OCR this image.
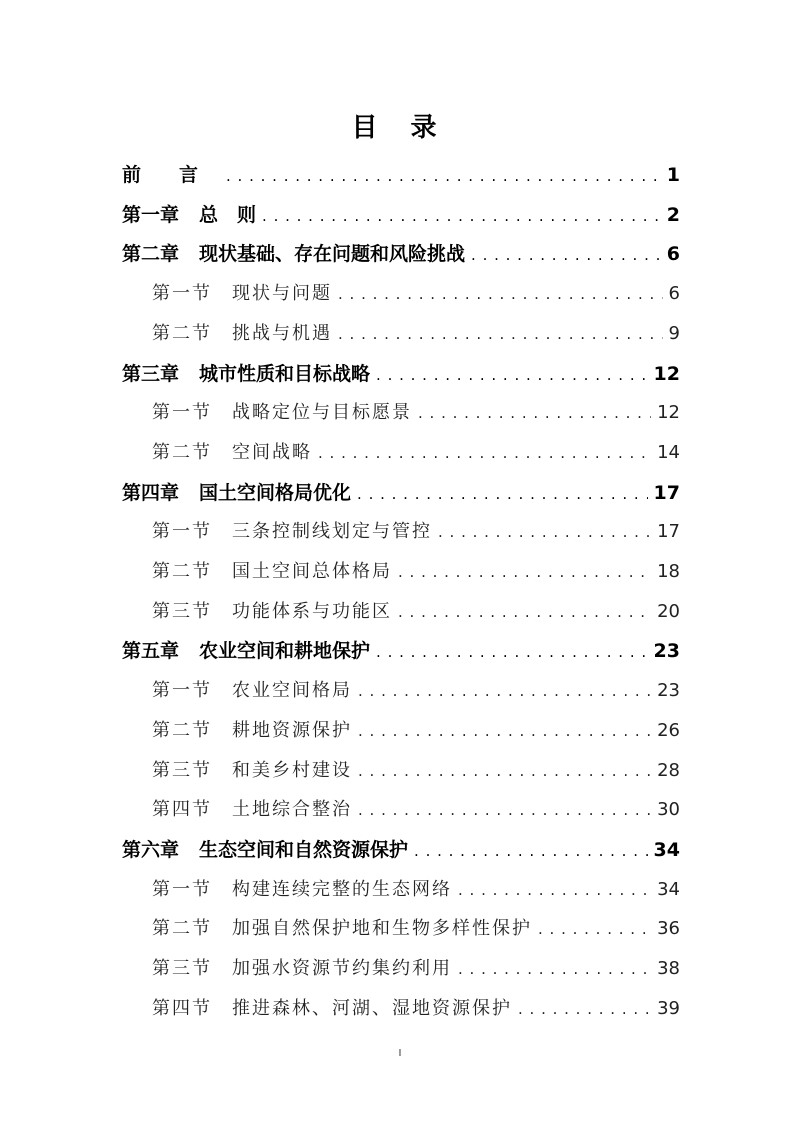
目 录
前　　言 . . .	1
第一章 总　则 . . .	2
第二章 现状基础、存在问题和风险挑战 . . .	6
第一节 现状与问题 . . .	6
第二节 挑战与机遇 . . .	9
第三章 城市性质和目标战略 . . .	12
第一节 战略定位与目标愿景 . . .	12
第二节 空间战略 . . .	14
第四章 国土空间格局优化 . . .	17
第一节 三条控制线划定与管控 . . .	17
第二节 国土空间总体格局 . . .	18
第三节 功能体系与功能区 . . .	20
第五章 农业空间和耕地保护 . . .	23
第一节 农业空间格局 . . .	23
第二节 耕地资源保护 . . .	26
第三节 和美乡村建设 . . .	28
第四节 土地综合整治 . . .	30
第六章 生态空间和自然资源保护 . . .	34
第一节 构建连续完整的生态网络 . . .	34
第二节 加强自然保护地和生物多样性保护 . . .	36
第三节 加强水资源节约集约利用 . . .	38
第四节 推进森林、河湖、湿地资源保护 . . .	39
I
